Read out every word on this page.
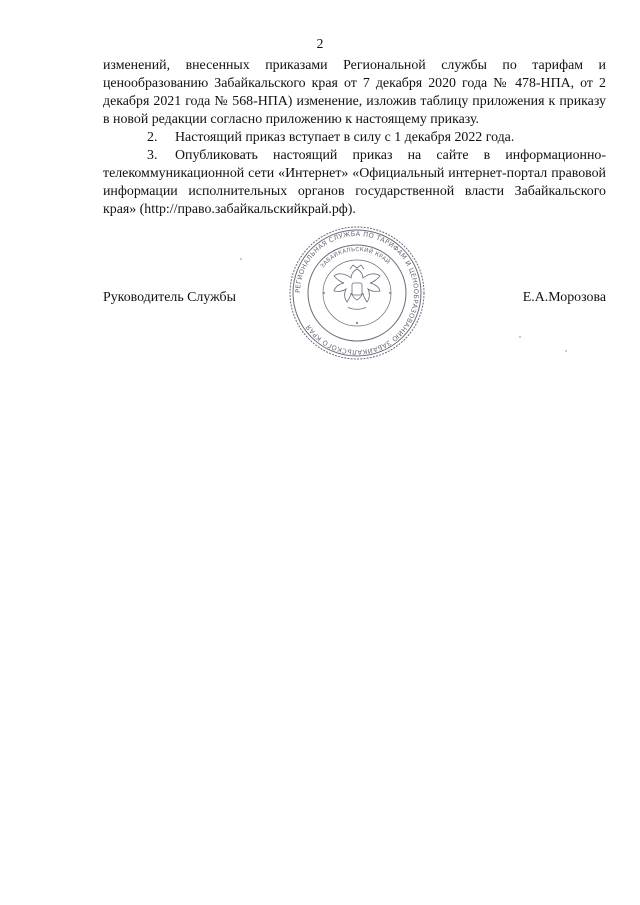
2

изменений, внесенных приказами Региональной службы по тарифам и ценообразованию Забайкальского края от 7 декабря 2020 года № 478-НПА, от 2 декабря 2021 года № 568-НПА) изменение, изложив таблицу приложения к приказу в новой редакции согласно приложению к настоящему приказу.

2. Настоящий приказ вступает в силу с 1 декабря 2022 года.

3. Опубликовать настоящий приказ на сайте в информационно-телекоммуникационной сети «Интернет» «Официальный интернет-портал правовой информации исполнительных органов государственной власти Забайкальского края» (http://право.забайкальскийкрай.рф).

РЕГИОНАЛЬНАЯ СЛУЖБА ПО ТАРИФАМ И ЦЕНООБРАЗОВАНИЮ ЗАБАЙКАЛЬСКОГО КРАЯ
ЗАБАЙКАЛЬСКИЙ КРАЙ
Руководитель Службы	Е.А.Морозова
